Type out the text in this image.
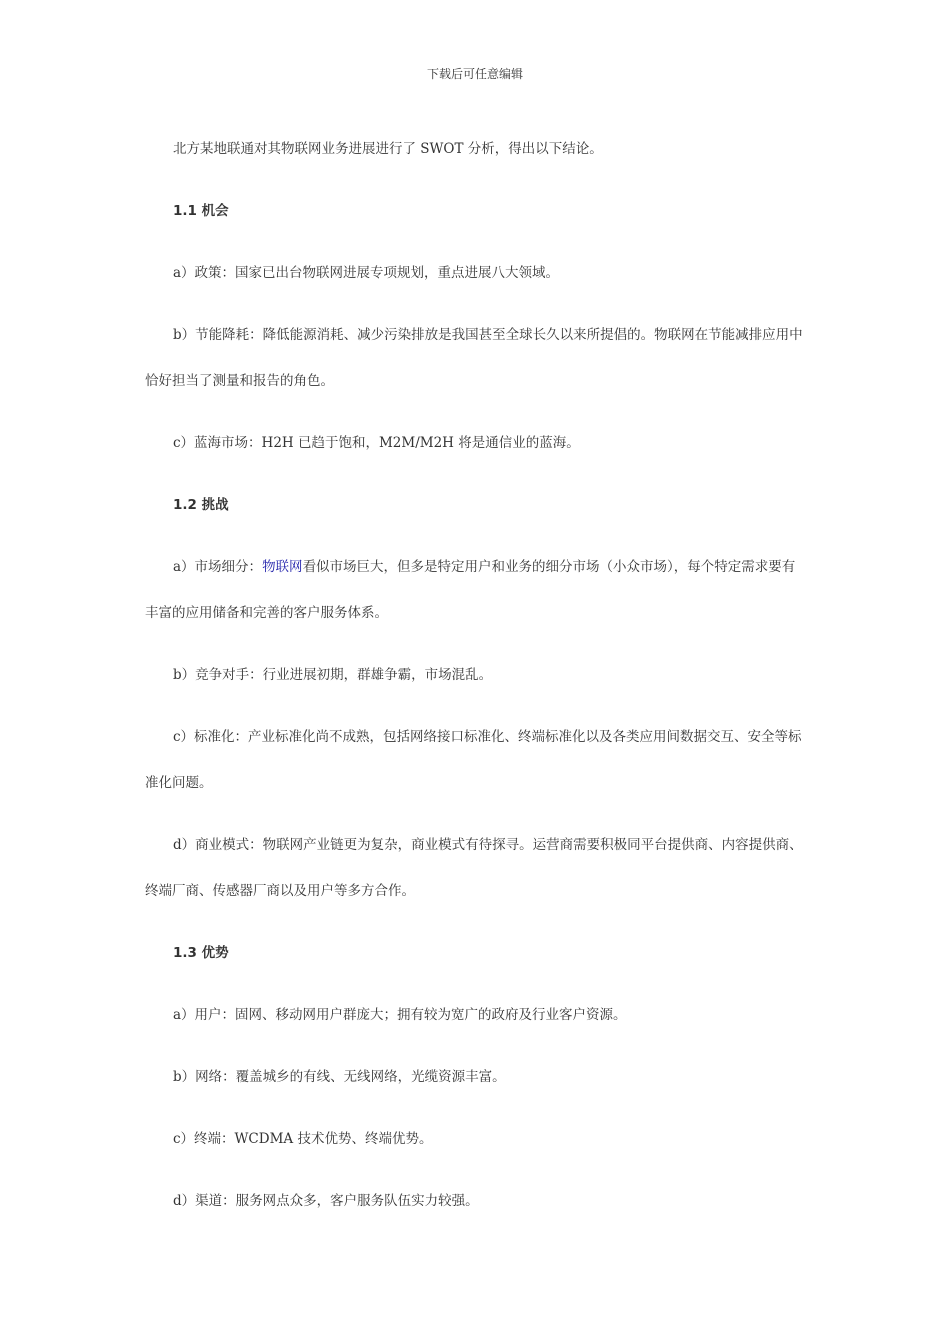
下载后可任意编辑

北方某地联通对其物联网业务进展进行了 SWOT 分析，得出以下结论。

1.1 机会

a）政策：国家已出台物联网进展专项规划，重点进展八大领域。

b）节能降耗：降低能源消耗、减少污染排放是我国甚至全球长久以来所提倡的。物联网在节能减排应用中恰好担当了测量和报告的角色。

c）蓝海市场：H2H 已趋于饱和，M2M/M2H 将是通信业的蓝海。

1.2 挑战

a）市场细分：物联网看似市场巨大，但多是特定用户和业务的细分市场（小众市场），每个特定需求要有丰富的应用储备和完善的客户服务体系。

b）竞争对手：行业进展初期，群雄争霸，市场混乱。

c）标准化：产业标准化尚不成熟，包括网络接口标准化、终端标准化以及各类应用间数据交互、安全等标准化问题。

d）商业模式：物联网产业链更为复杂，商业模式有待探寻。运营商需要积极同平台提供商、内容提供商、终端厂商、传感器厂商以及用户等多方合作。

1.3 优势

a）用户：固网、移动网用户群庞大；拥有较为宽广的政府及行业客户资源。

b）网络：覆盖城乡的有线、无线网络，光缆资源丰富。

c）终端：WCDMA 技术优势、终端优势。

d）渠道：服务网点众多，客户服务队伍实力较强。
